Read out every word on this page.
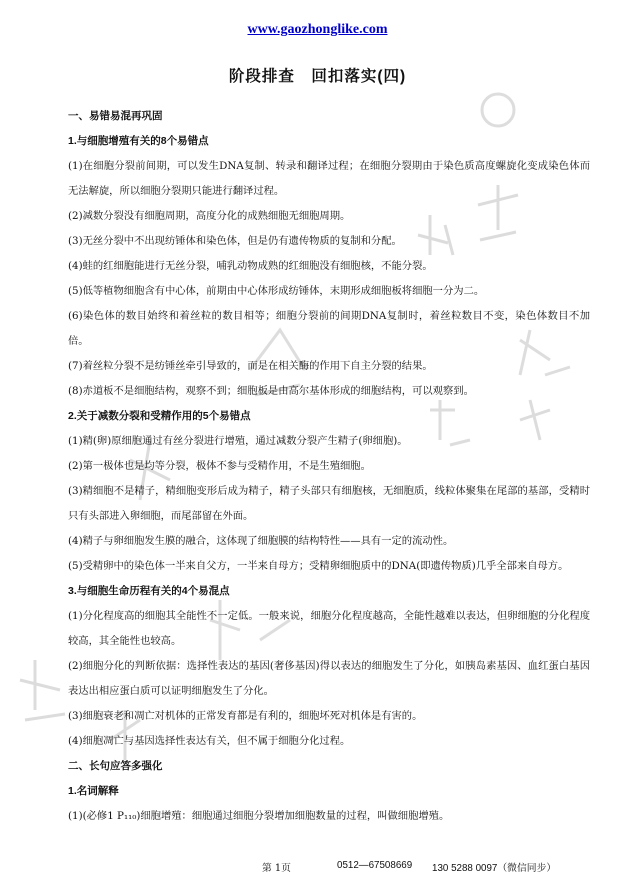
www.gaozhonglike.com
阶段排查　回扣落实(四)
一、易错易混再巩固
1.与细胞增殖有关的8个易错点
(1)在细胞分裂前间期，可以发生DNA复制、转录和翻译过程；在细胞分裂期由于染色质高度螺旋化变成染色体而无法解旋，所以细胞分裂期只能进行翻译过程。
(2)减数分裂没有细胞周期，高度分化的成熟细胞无细胞周期。
(3)无丝分裂中不出现纺锤体和染色体，但是仍有遗传物质的复制和分配。
(4)蛙的红细胞能进行无丝分裂，哺乳动物成熟的红细胞没有细胞核，不能分裂。
(5)低等植物细胞含有中心体，前期由中心体形成纺锤体，末期形成细胞板将细胞一分为二。
(6)染色体的数目始终和着丝粒的数目相等；细胞分裂前的间期DNA复制时，着丝粒数目不变，染色体数目不加倍。
(7)着丝粒分裂不是纺锤丝牵引导致的，而是在相关酶的作用下自主分裂的结果。
(8)赤道板不是细胞结构，观察不到；细胞板是由高尔基体形成的细胞结构，可以观察到。
2.关于减数分裂和受精作用的5个易错点
(1)精(卵)原细胞通过有丝分裂进行增殖，通过减数分裂产生精子(卵细胞)。
(2)第一极体也是均等分裂，极体不参与受精作用，不是生殖细胞。
(3)精细胞不是精子，精细胞变形后成为精子，精子头部只有细胞核，无细胞质，线粒体聚集在尾部的基部，受精时只有头部进入卵细胞，而尾部留在外面。
(4)精子与卵细胞发生膜的融合，这体现了细胞膜的结构特性——具有一定的流动性。
(5)受精卵中的染色体一半来自父方，一半来自母方；受精卵细胞质中的DNA(即遗传物质)几乎全部来自母方。
3.与细胞生命历程有关的4个易混点
(1)分化程度高的细胞其全能性不一定低。一般来说，细胞分化程度越高，全能性越难以表达，但卵细胞的分化程度较高，其全能性也较高。
(2)细胞分化的判断依据：选择性表达的基因(奢侈基因)得以表达的细胞发生了分化，如胰岛素基因、血红蛋白基因表达出相应蛋白质可以证明细胞发生了分化。
(3)细胞衰老和凋亡对机体的正常发育都是有利的，细胞坏死对机体是有害的。
(4)细胞凋亡与基因选择性表达有关，但不属于细胞分化过程。
二、长句应答多强化
1.名词解释
(1)(必修1 P₁₁₀)细胞增殖：细胞通过细胞分裂增加细胞数量的过程，叫做细胞增殖。
第 1页	0512—67508669 130 5288 0097（微信同步）
